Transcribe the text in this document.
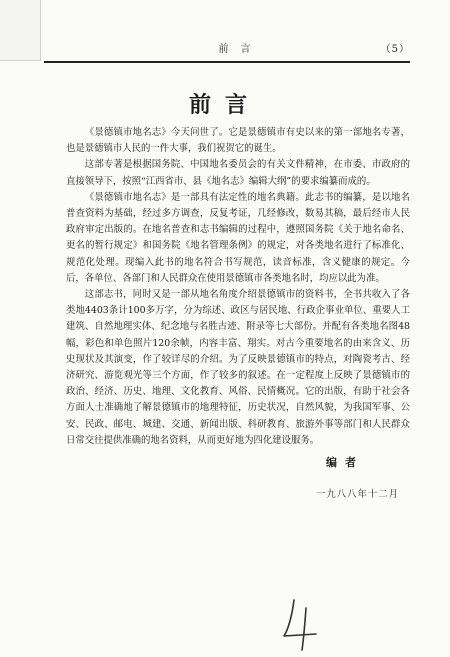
前　言	（5）
前言

《景德镇市地名志》今天问世了。它是景德镇市有史以来的第一部地名专著，也是景德镇市人民的一件大事，我们祝贺它的诞生。

这部专著是根据国务院、中国地名委员会的有关文件精神，在市委、市政府的直接领导下，按照“江西省市、县《地名志》编辑大纲”的要求编纂而成的。

《景德镇市地名志》是一部具有法定性的地名典籍。此志书的编纂，是以地名普查资料为基础，经过多方调查，反复考证，几经修改，数易其稿，最后经市人民政府审定出版的。在地名普查和志书编辑的过程中，遵照国务院《关于地名命名、更名的暂行规定》和国务院《地名管理条例》的规定，对各类地名进行了标准化、规范化处理。现编入此书的地名符合书写规范，读音标准，含义健康的规定。今后，各单位、各部门和人民群众在使用景德镇市各类地名时，均应以此为准。

这部志书，同时又是一部从地名角度介绍景德镇市的资料书，全书共收入了各类地4403条计100多万字，分为综述、政区与居民地、行政企事业单位、重要人工建筑、自然地理实体、纪念地与名胜古迹、附录等七大部份。并配有各类地名图48幅，彩色和单色照片120余帧，内容丰富、翔实。对古今重要地名的由来含义、历史现状及其演变，作了较详尽的介绍。为了反映景德镇市的特点，对陶瓷考古、经济研究、游览观光等三个方面，作了较多的叙述。在一定程度上反映了景德镇市的政治、经济、历史、地理、文化教育、风俗、民情概况。它的出版，有助于社会各方面人士准确地了解景德镇市的地理特征，历史状况，自然风貌，为我国军事、公安、民政、邮电、城建、交通、新闻出版、科研教育、旅游外事等部门和人民群众日常交往提供准确的地名资料，从而更好地为四化建设服务。

编者
一九八八年十二月
